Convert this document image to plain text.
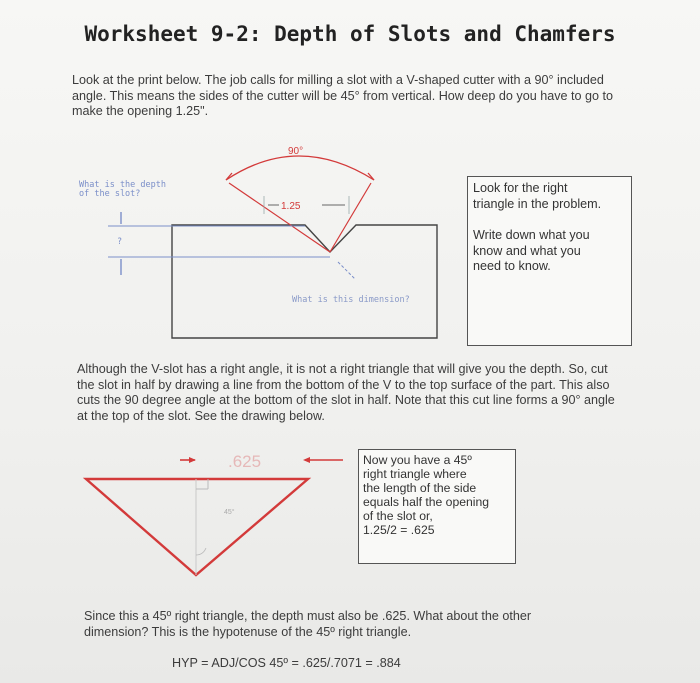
Worksheet 9-2: Depth of Slots and Chamfers
Look at the print below. The job calls for milling a slot with a V-shaped cutter with a 90° included angle. This means the sides of the cutter will be 45° from vertical. How deep do you have to go to make the opening 1.25".
90°
1.25
?
.625
45°
What is the depth
of the slot?
What is this dimension?
Look for the right
triangle in the problem.
Write down what you
know and what you
need to know.
Although the V-slot has a right angle, it is not a right triangle that will give you the depth. So, cut the slot in half by drawing a line from the bottom of the V to the top surface of the part. This also cuts the 90 degree angle at the bottom of the slot in half. Note that this cut line forms a 90° angle at the top of the slot. See the drawing below.
Now you have a 45º
right triangle where
the length of the side
equals half the opening
of the slot or,
1.25/2 = .625
Since this a 45º right triangle, the depth must also be .625. What about the other dimension? This is the hypotenuse of the 45º right triangle.
HYP = ADJ/COS 45º = .625/.7071 = .884
